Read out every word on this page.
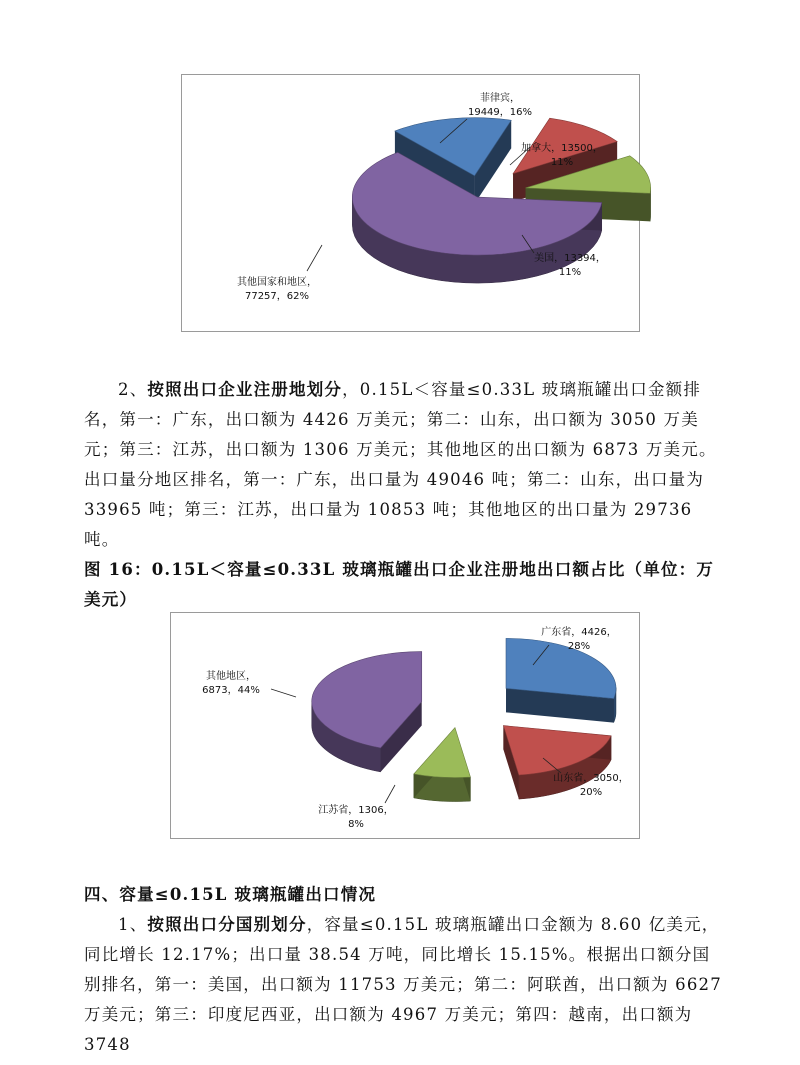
菲律宾，
19449，16%
加拿大，13500，
11%
美国，13394，
11%
其他国家和地区，
77257，62%

2、按照出口企业注册地划分，0.15L＜容量≤0.33L 玻璃瓶罐出口金额排名，第一：广东，出口额为 4426 万美元；第二：山东，出口额为 3050 万美元；第三：江苏，出口额为 1306 万美元；其他地区的出口额为 6873 万美元。出口量分地区排名，第一：广东，出口量为 49046 吨；第二：山东，出口量为 33965 吨；第三：江苏，出口量为 10853 吨；其他地区的出口量为 29736 吨。

图 16：0.15L＜容量≤0.33L 玻璃瓶罐出口企业注册地出口额占比（单位：万美元）
广东省，4426，
28%
山东省，3050，
20%
江苏省，1306，
8%
其他地区，
6873，44%
四、容量≤0.15L 玻璃瓶罐出口情况

1、按照出口分国别划分，容量≤0.15L 玻璃瓶罐出口金额为 8.60 亿美元，同比增长 12.17%；出口量 38.54 万吨，同比增长 15.15%。根据出口额分国别排名，第一：美国，出口额为 11753 万美元；第二：阿联酋，出口额为 6627 万美元；第三：印度尼西亚，出口额为 4967 万美元；第四：越南，出口额为 3748
